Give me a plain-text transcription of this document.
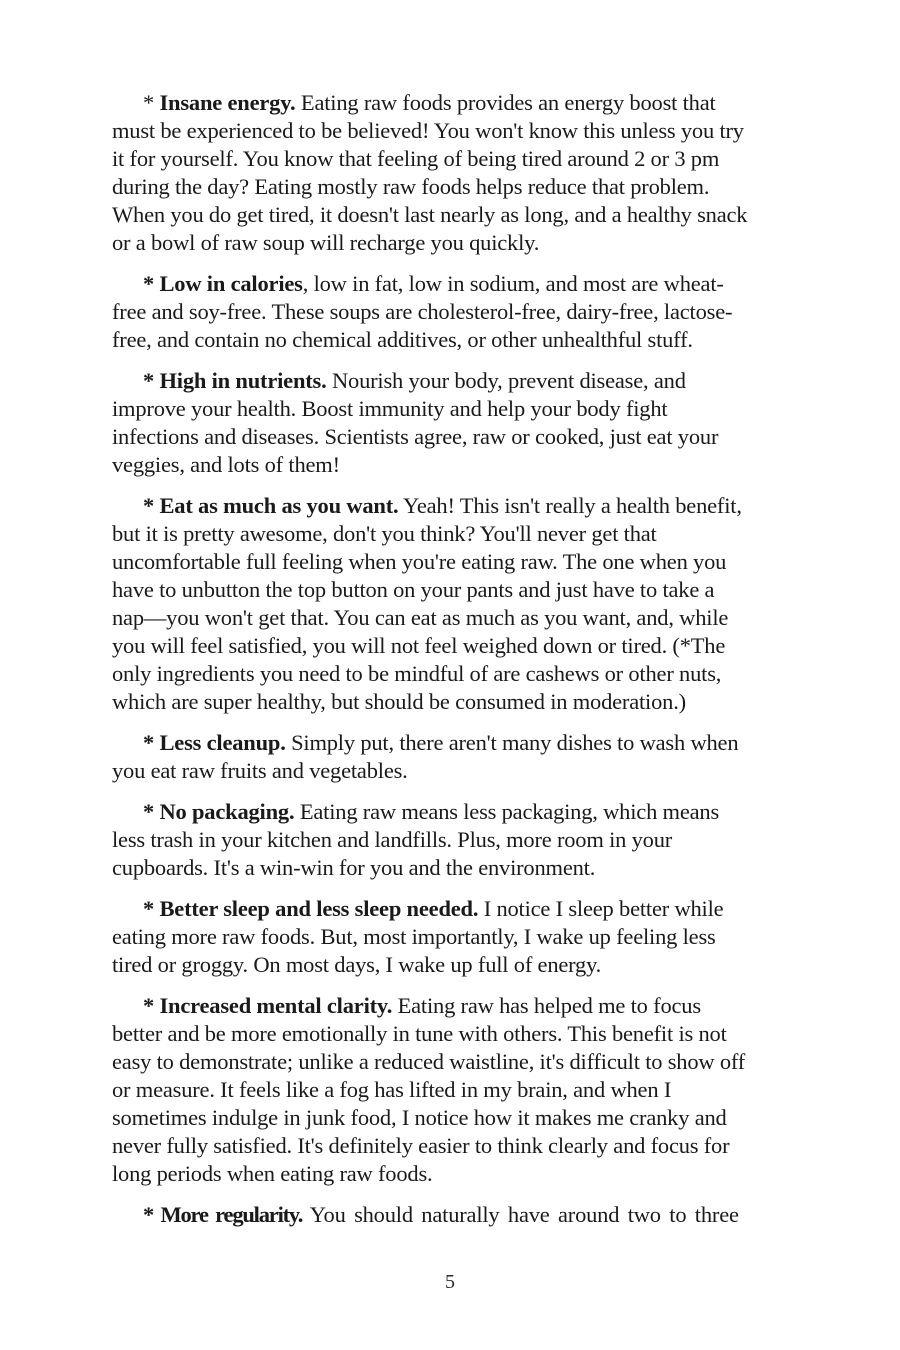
* Insane energy. Eating raw foods provides an energy boost that
must be experienced to be believed! You won't know this unless you try
it for yourself. You know that feeling of being tired around 2 or 3 pm
during the day? Eating mostly raw foods helps reduce that problem.
When you do get tired, it doesn't last nearly as long, and a healthy snack
or a bowl of raw soup will recharge you quickly.

* Low in calories, low in fat, low in sodium, and most are wheat-
free and soy-free. These soups are cholesterol-free, dairy-free, lactose-
free, and contain no chemical additives, or other unhealthful stuff.

* High in nutrients. Nourish your body, prevent disease, and
improve your health. Boost immunity and help your body fight
infections and diseases. Scientists agree, raw or cooked, just eat your
veggies, and lots of them!

* Eat as much as you want. Yeah! This isn't really a health benefit,
but it is pretty awesome, don't you think? You'll never get that
uncomfortable full feeling when you're eating raw. The one when you
have to unbutton the top button on your pants and just have to take a
nap—you won't get that. You can eat as much as you want, and, while
you will feel satisfied, you will not feel weighed down or tired. (*The
only ingredients you need to be mindful of are cashews or other nuts,
which are super healthy, but should be consumed in moderation.)

* Less cleanup. Simply put, there aren't many dishes to wash when
you eat raw fruits and vegetables.

* No packaging. Eating raw means less packaging, which means
less trash in your kitchen and landfills. Plus, more room in your
cupboards. It's a win-win for you and the environment.

* Better sleep and less sleep needed. I notice I sleep better while
eating more raw foods. But, most importantly, I wake up feeling less
tired or groggy. On most days, I wake up full of energy.

* Increased mental clarity. Eating raw has helped me to focus
better and be more emotionally in tune with others. This benefit is not
easy to demonstrate; unlike a reduced waistline, it's difficult to show off
or measure. It feels like a fog has lifted in my brain, and when I
sometimes indulge in junk food, I notice how it makes me cranky and
never fully satisfied. It's definitely easier to think clearly and focus for
long periods when eating raw foods.

* More regularity. You should naturally have around two to three

5
